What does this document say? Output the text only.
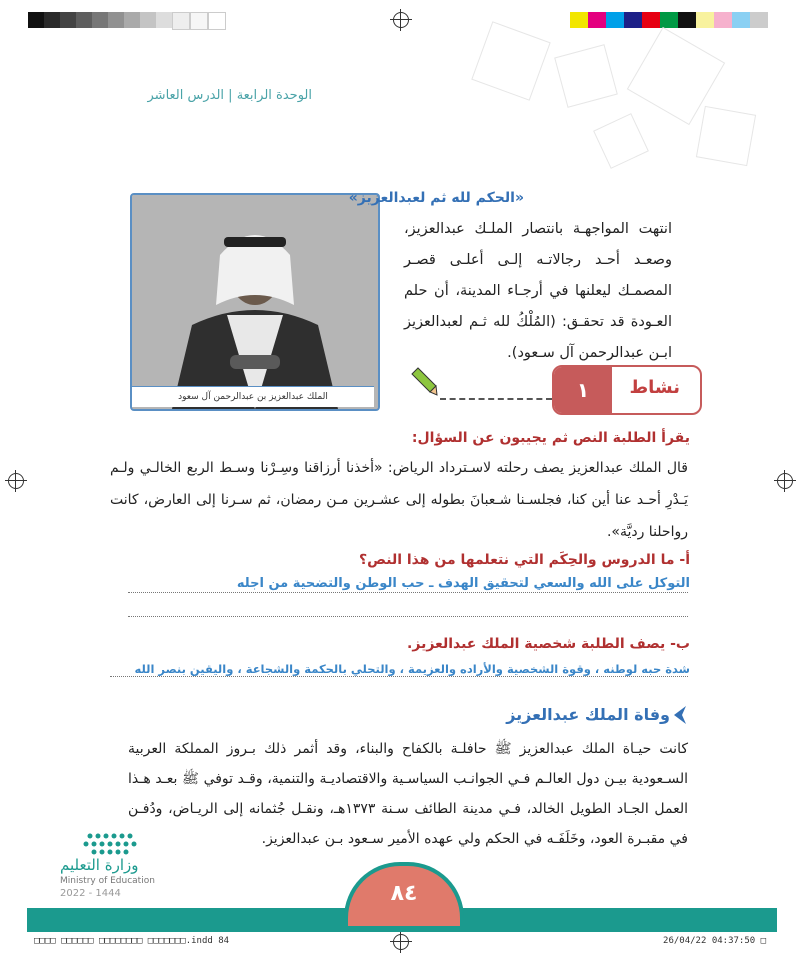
الوحدة الرابعة | الدرس العاشر
الملك عبدالعزيز بن عبدالرحمن آل سعود
«الحكم لله ثم لعبدالعزيز»
انتهت المواجهـة بانتصار الملـك عبدالعزيز، وصعـد أحـد رجالاتـه إلـى أعلـى قصـر المصمـك ليعلنها في أرجـاء المدينة، أن حلم العـودة قد تحقـق: (المُلْكُ لله ثـم لعبدالعزيز ابـن عبدالرحمن آل سـعود).
١	نشاط
يقرأ الطلبة النص ثم يجيبون عن السؤال:
قال الملك عبدالعزيز يصف رحلته لاسـترداد الرياض: «أخذنا أرزاقنا وسِـرْنا وسـط الربع الخالـي ولـم يَـدْرِ أحـد عنا أين كنا، فجلسـنا شـعبانَ بطوله إلى عشـرين مـن رمضان، ثم سـرنا إلى العارض، كانت رواحلنا رديَّة».
أ- ما الدروس والحِكَم التي نتعلمها من هذا النص؟
التوكل على الله والسعي لتحقيق الهدف ـ حب الوطن والتضحية من اجله
ب- يصف الطلبة شخصية الملك عبدالعزيز.
شدة حبه لوطنه ، وقوة الشخصية والأراده والعزيمة ، والتحلي بالحكمة والشجاعة ، واليقين بنصر الله
وفاة الملك عبدالعزيز
كانت حيـاة الملك عبدالعزيز ﷺ حافلـة بالكفاح والبناء، وقد أثمر ذلك بـروز المملكة العربية السـعودية بيـن دول العالـم فـي الجوانـب السياسـية والاقتصاديـة والتنمية، وقـد توفي ﷺ بعـد هـذا العمل الجـاد الطويل الخالد، فـي مدينة الطائف سـنة ١٣٧٣هـ، ونقـل جُثمانه إلى الريـاض، ودُفـن في مقبـرة العود، وخَلَفَـه في الحكم ولي عهده الأمير سـعود بـن عبدالعزيز.
وزارة التعليم
Ministry of Education
2022 - 1444	٨٤
□□□□ □□□□□□ □□□□□□□□ □□□□□□□.indd 84	26/04/22 04:37:50 □
